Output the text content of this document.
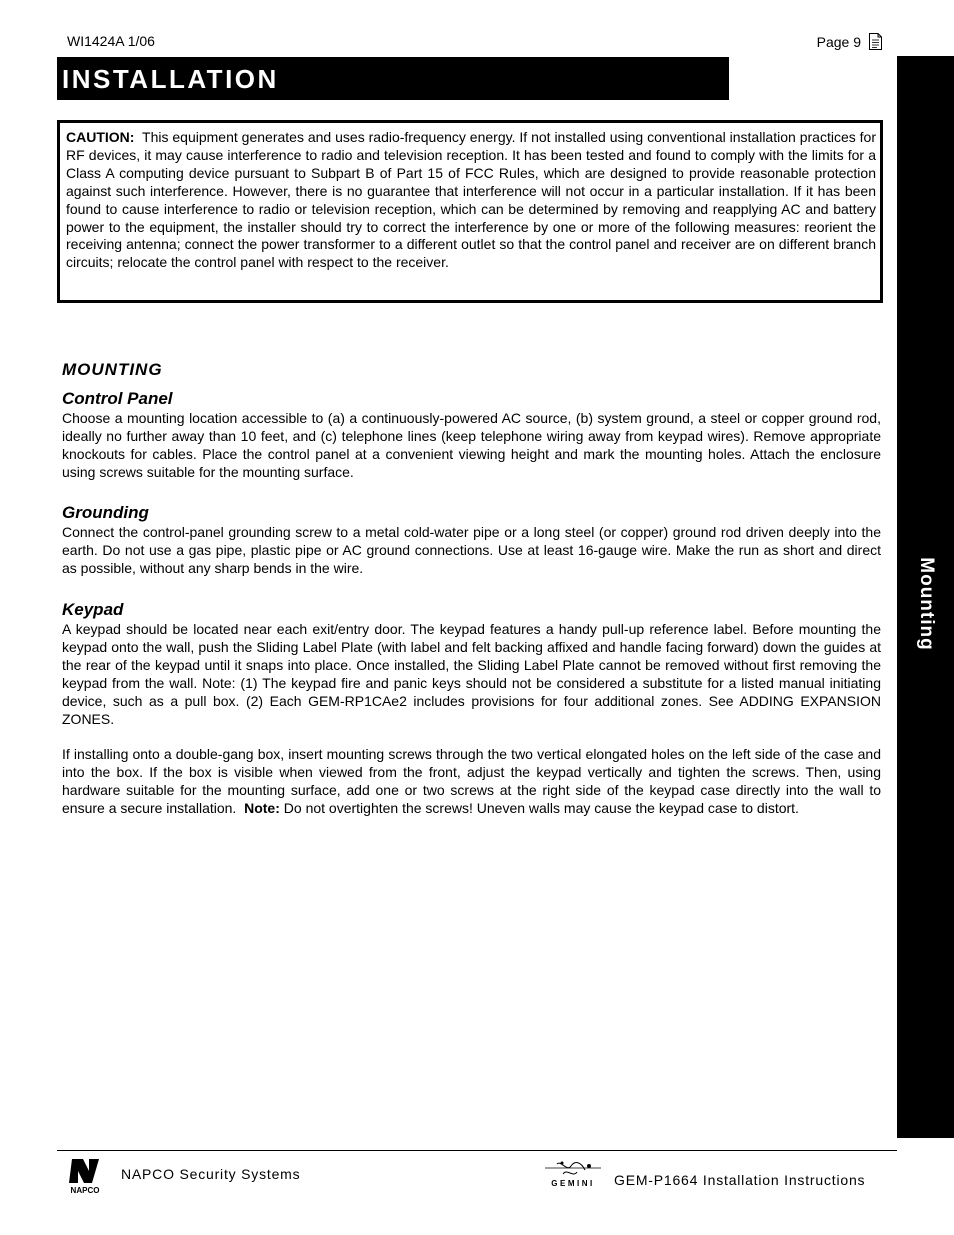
WI1424A 1/06	Page 9
INSTALLATION
Mounting

CAUTION: This equipment generates and uses radio-frequency energy. If not installed using conventional installation practices for RF devices, it may cause interference to radio and television reception. It has been tested and found to comply with the limits for a Class A computing device pursuant to Subpart B of Part 15 of FCC Rules, which are designed to provide reasonable protection against such interference. However, there is no guarantee that interference will not occur in a particular installation. If it has been found to cause interference to radio or television reception, which can be determined by removing and reapplying AC and battery power to the equipment, the installer should try to correct the interference by one or more of the following measures: reorient the receiving antenna; connect the power transformer to a different outlet so that the control panel and receiver are on different branch circuits; relocate the control panel with respect to the receiver.

MOUNTING
Control Panel

Choose a mounting location accessible to (a) a continuously-powered AC source, (b) system ground, a steel or copper ground rod, ideally no further away than 10 feet, and (c) telephone lines (keep telephone wiring away from keypad wires). Remove appropriate knockouts for cables. Place the control panel at a convenient viewing height and mark the mounting holes. Attach the enclosure using screws suitable for the mounting surface.

Grounding

Connect the control-panel grounding screw to a metal cold-water pipe or a long steel (or copper) ground rod driven deeply into the earth. Do not use a gas pipe, plastic pipe or AC ground connections. Use at least 16-gauge wire. Make the run as short and direct as possible, without any sharp bends in the wire.

Keypad

A keypad should be located near each exit/entry door. The keypad features a handy pull-up reference label. Before mounting the keypad onto the wall, push the Sliding Label Plate (with label and felt backing affixed and handle facing forward) down the guides at the rear of the keypad until it snaps into place. Once installed, the Sliding Label Plate cannot be removed without first removing the keypad from the wall. Note: (1) The keypad fire and panic keys should not be considered a substitute for a listed manual initiating device, such as a pull box. (2) Each GEM-RP1CAe2 includes provisions for four additional zones. See ADDING EXPANSION ZONES.

If installing onto a double-gang box, insert mounting screws through the two vertical elongated holes on the left side of the case and into the box. If the box is visible when viewed from the front, adjust the keypad vertically and tighten the screws. Then, using hardware suitable for the mounting surface, add one or two screws at the right side of the keypad case directly into the wall to ensure a secure installation. Note: Do not overtighten the screws! Uneven walls may cause the keypad case to distort.

NAPCO
NAPCO Security Systems
GEMINI GEM-P1664 Installation Instructions
